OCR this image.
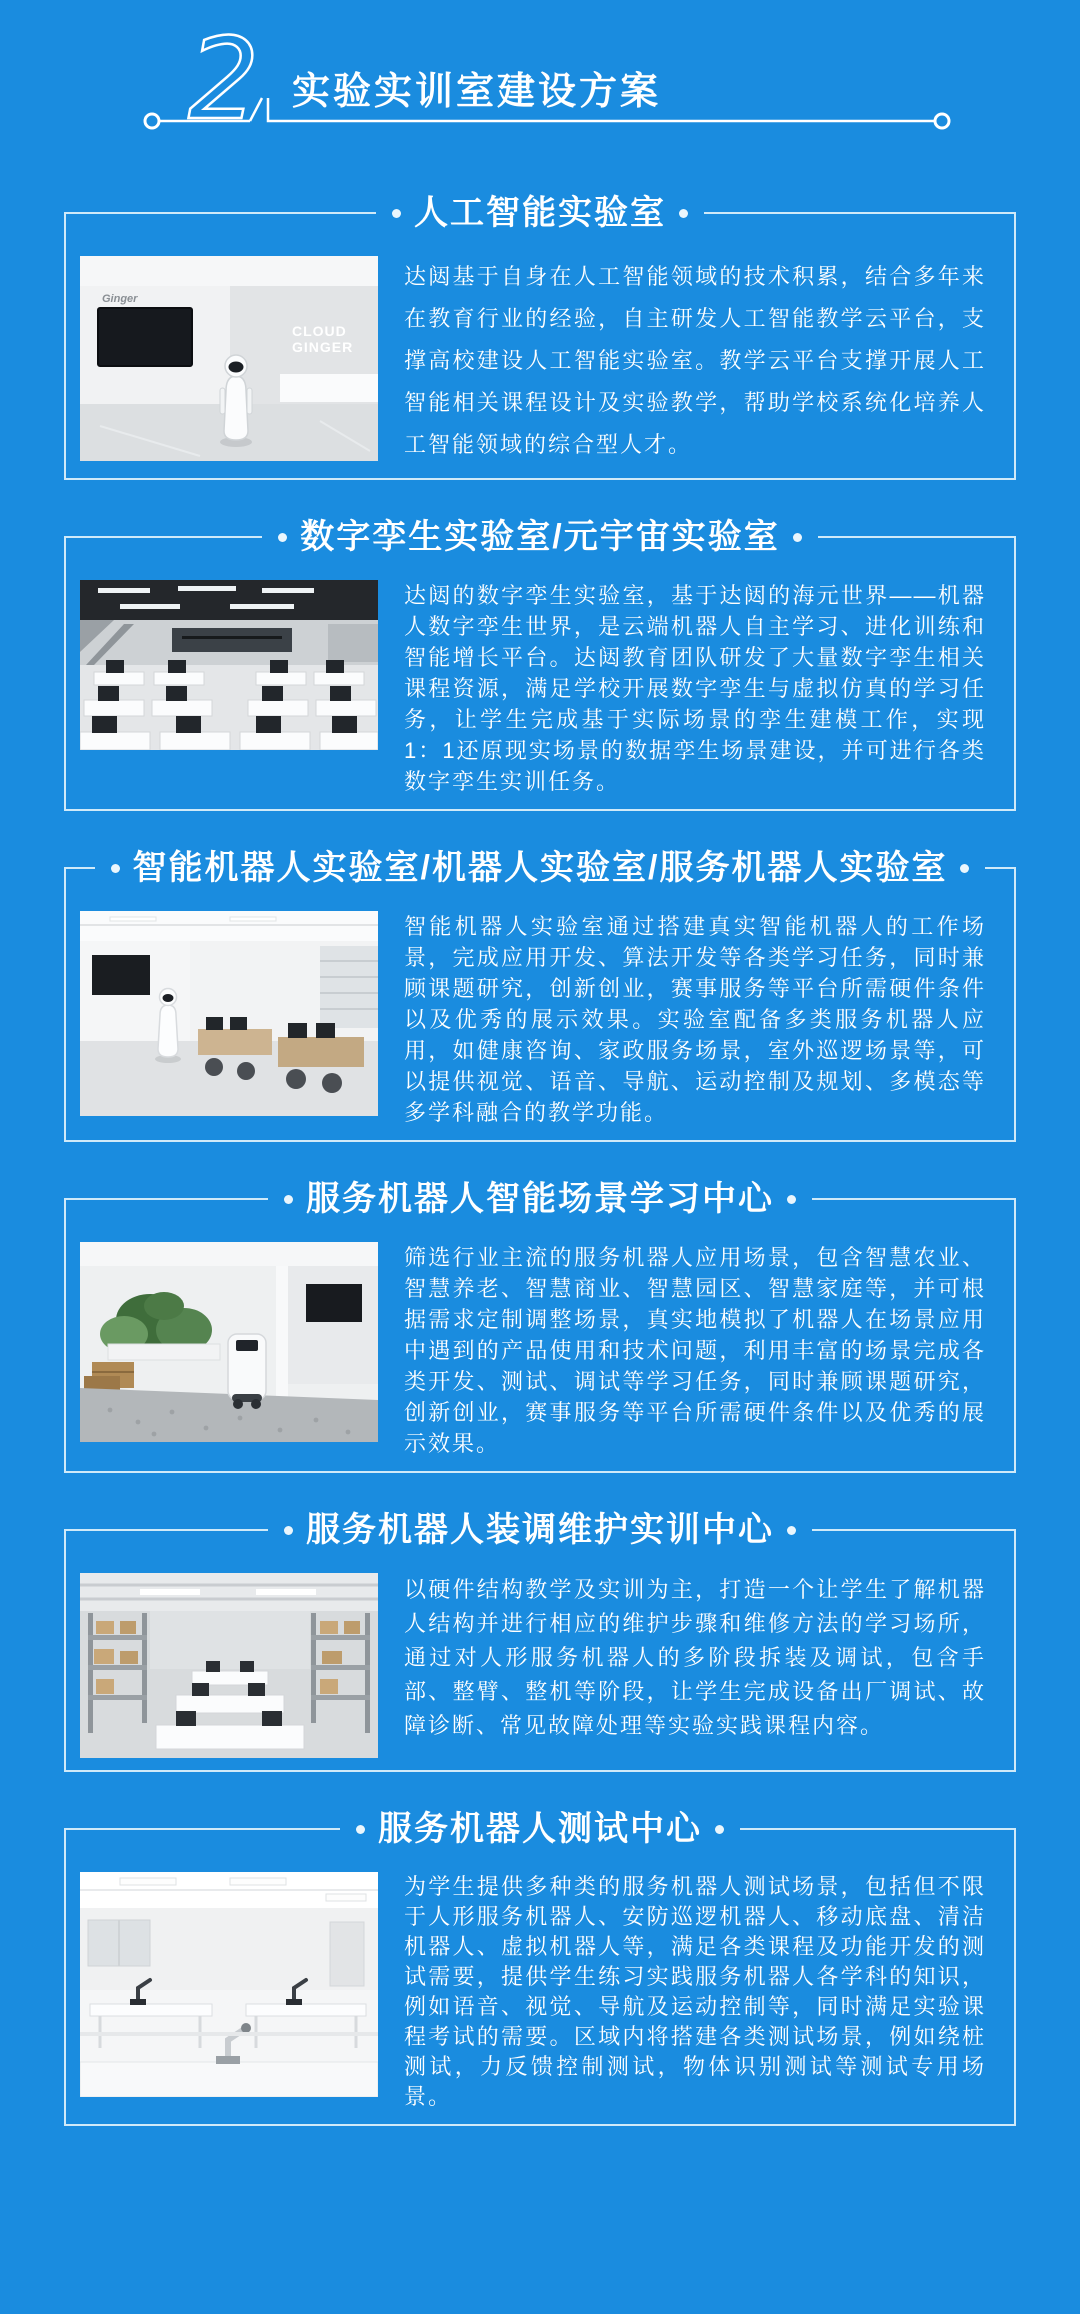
2 实验实训室建设方案
人工智能实验室
Ginger
CLOUD
GINGER

达闼基于自身在人工智能领域的技术积累，结合多年来在教育行业的经验，自主研发人工智能教学云平台，支撑高校建设人工智能实验室。教学云平台支撑开展人工智能相关课程设计及实验教学，帮助学校系统化培养人工智能领域的综合型人才。

数字孪生实验室/元宇宙实验室

达闼的数字孪生实验室，基于达闼的海元世界——机器人数字孪生世界，是云端机器人自主学习、进化训练和智能增长平台。达闼教育团队研发了大量数字孪生相关课程资源，满足学校开展数字孪生与虚拟仿真的学习任务，让学生完成基于实际场景的孪生建模工作，实现1：1还原现实场景的数据孪生场景建设，并可进行各类数字孪生实训任务。

智能机器人实验室/机器人实验室/服务机器人实验室

智能机器人实验室通过搭建真实智能机器人的工作场景，完成应用开发、算法开发等各类学习任务，同时兼顾课题研究，创新创业，赛事服务等平台所需硬件条件以及优秀的展示效果。实验室配备多类服务机器人应用，如健康咨询、家政服务场景，室外巡逻场景等，可以提供视觉、语音、导航、运动控制及规划、多模态等多学科融合的教学功能。

服务机器人智能场景学习中心

筛选行业主流的服务机器人应用场景，包含智慧农业、智慧养老、智慧商业、智慧园区、智慧家庭等，并可根据需求定制调整场景，真实地模拟了机器人在场景应用中遇到的产品使用和技术问题，利用丰富的场景完成各类开发、测试、调试等学习任务，同时兼顾课题研究，创新创业，赛事服务等平台所需硬件条件以及优秀的展示效果。

服务机器人装调维护实训中心

以硬件结构教学及实训为主，打造一个让学生了解机器人结构并进行相应的维护步骤和维修方法的学习场所，通过对人形服务机器人的多阶段拆装及调试，包含手部、整臂、整机等阶段，让学生完成设备出厂调试、故障诊断、常见故障处理等实验实践课程内容。

服务机器人测试中心

为学生提供多种类的服务机器人测试场景，包括但不限于人形服务机器人、安防巡逻机器人、移动底盘、清洁机器人、虚拟机器人等，满足各类课程及功能开发的测试需要，提供学生练习实践服务机器人各学科的知识，例如语音、视觉、导航及运动控制等，同时满足实验课程考试的需要。区域内将搭建各类测试场景，例如绕桩测试，力反馈控制测试，物体识别测试等测试专用场景。
